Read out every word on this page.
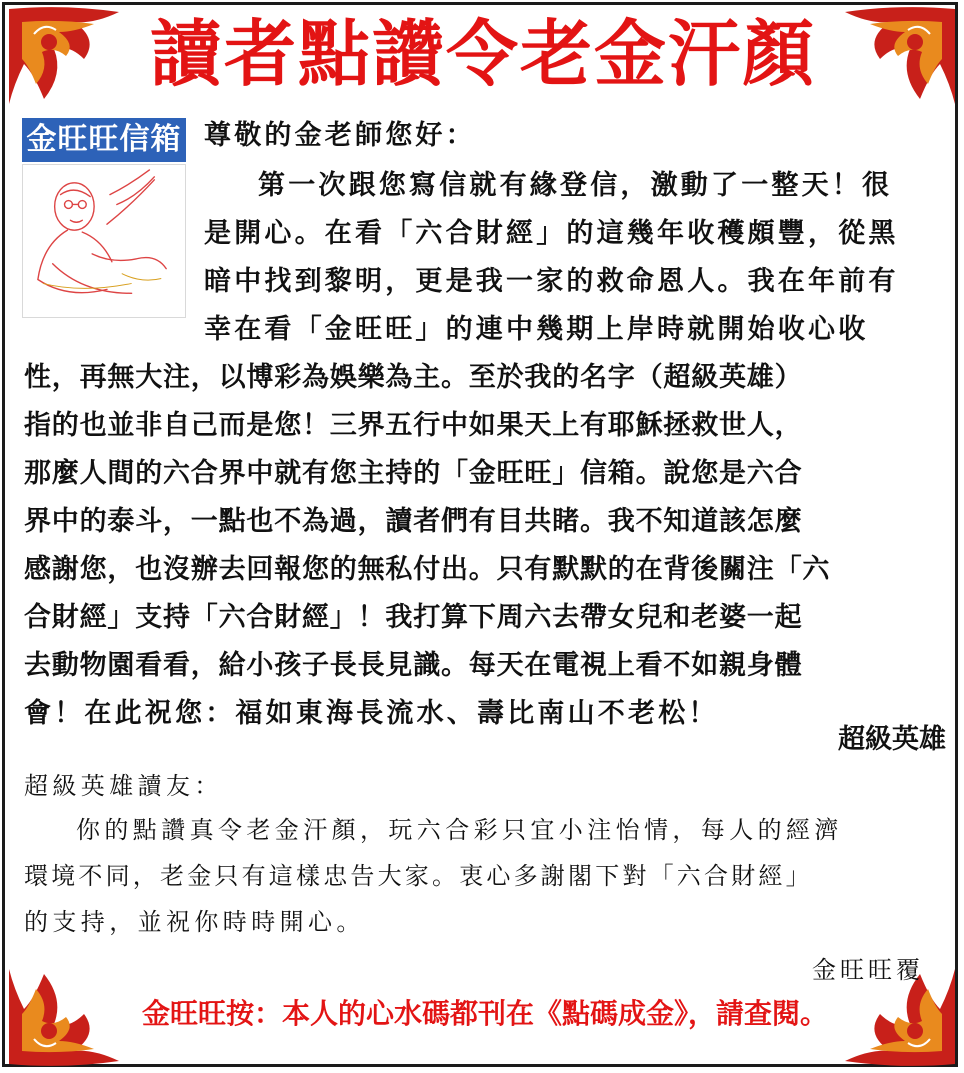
讀者點讚令老金汗顏
金旺旺信箱 尊敬的金老師您好：
第一次跟您寫信就有緣登信，激動了一整天！很
是開心。在看「六合財經」的這幾年收穫頗豐，從黑
暗中找到黎明，更是我一家的救命恩人。我在年前有
幸在看「金旺旺」的連中幾期上岸時就開始收心收
性，再無大注，以博彩為娛樂為主。至於我的名字（超級英雄）
指的也並非自己而是您！三界五行中如果天上有耶穌拯救世人，
那麼人間的六合界中就有您主持的「金旺旺」信箱。說您是六合
界中的泰斗，一點也不為過，讀者們有目共睹。我不知道該怎麼
感謝您，也沒辦去回報您的無私付出。只有默默的在背後關注「六
合財經」支持「六合財經」！我打算下周六去帶女兒和老婆一起
去動物園看看，給小孩子長長見識。每天在電視上看不如親身體
會！在此祝您：福如東海長流水、壽比南山不老松！
超級英雄
超級英雄讀友：
你的點讚真令老金汗顏，玩六合彩只宜小注怡情，每人的經濟
環境不同，老金只有這樣忠告大家。衷心多謝閣下對「六合財經」
的支持，並祝你時時開心。
金旺旺覆
金旺旺按：本人的心水碼都刊在《點碼成金》，請查閱。
